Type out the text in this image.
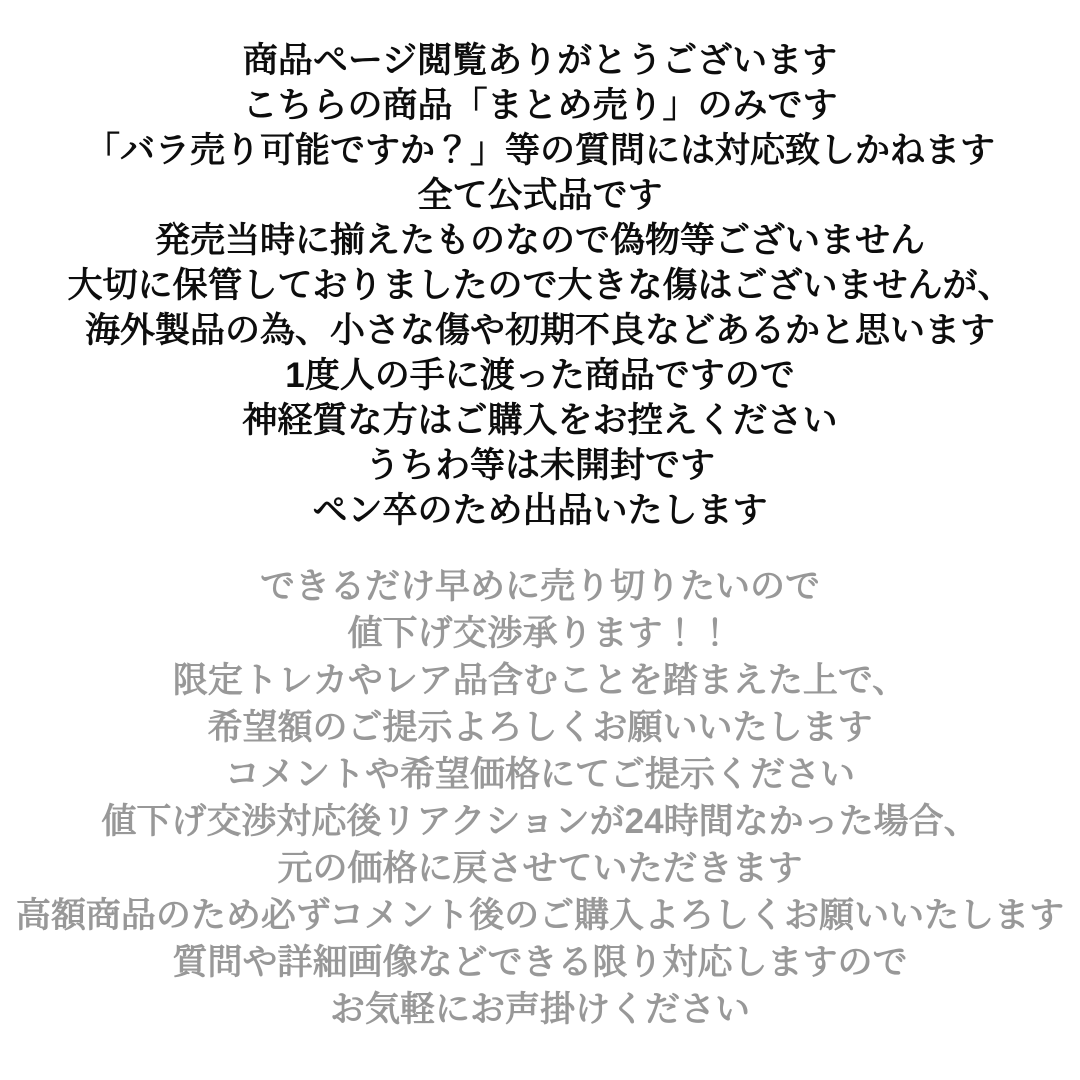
商品ページ閲覧ありがとうございます
こちらの商品「まとめ売り」のみです
「バラ売り可能ですか？」等の質問には対応致しかねます
全て公式品です
発売当時に揃えたものなので偽物等ございません
大切に保管しておりましたので大きな傷はございませんが、
海外製品の為、小さな傷や初期不良などあるかと思います
1度人の手に渡った商品ですので
神経質な方はご購入をお控えください
うちわ等は未開封です
ペン卒のため出品いたします
できるだけ早めに売り切りたいので
値下げ交渉承ります！！
限定トレカやレア品含むことを踏まえた上で、
希望額のご提示よろしくお願いいたします
コメントや希望価格にてご提示ください
値下げ交渉対応後リアクションが24時間なかった場合、
元の価格に戻させていただきます
高額商品のため必ずコメント後のご購入よろしくお願いいたします
質問や詳細画像などできる限り対応しますので
お気軽にお声掛けください
